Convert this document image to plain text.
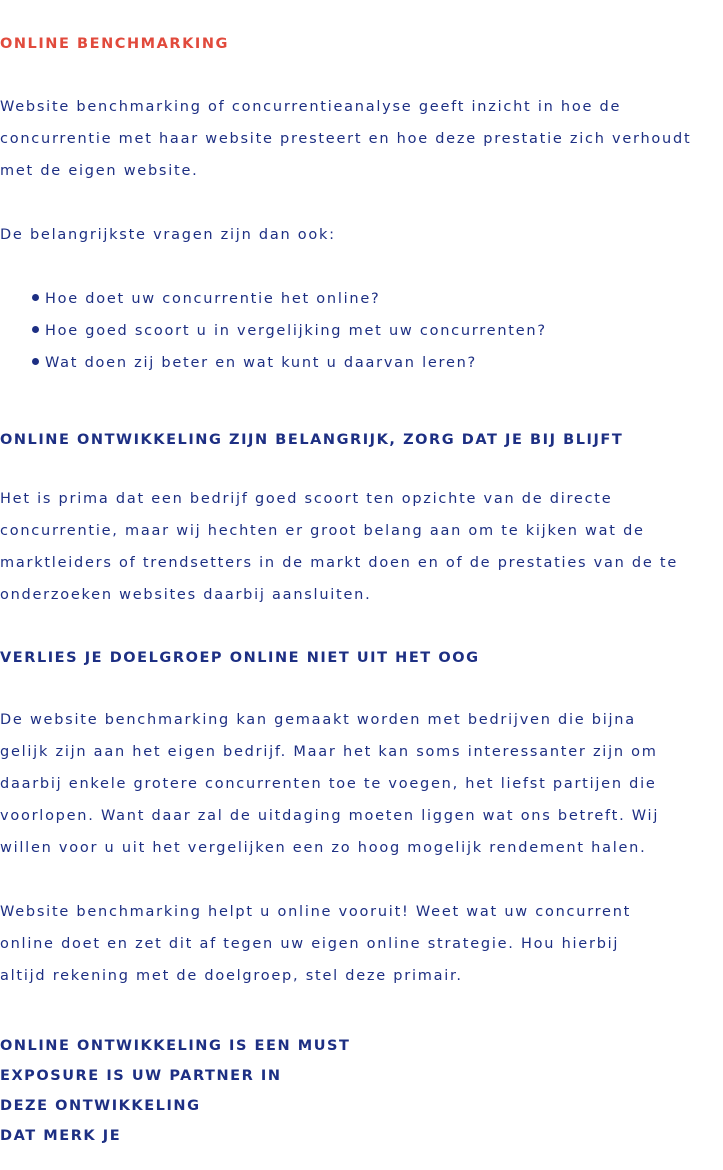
ONLINE BENCHMARKING

Website benchmarking of concurrentieanalyse geeft inzicht in hoe de
concurrentie met haar website presteert en hoe deze prestatie zich verhoudt
met de eigen website.

De belangrijkste vragen zijn dan ook:

Hoe doet uw concurrentie het online?
Hoe goed scoort u in vergelijking met uw concurrenten?
Wat doen zij beter en wat kunt u daarvan leren?
ONLINE ONTWIKKELING ZIJN BELANGRIJK, ZORG DAT JE BIJ BLIJFT

Het is prima dat een bedrijf goed scoort ten opzichte van de directe
concurrentie, maar wij hechten er groot belang aan om te kijken wat de
marktleiders of trendsetters in de markt doen en of de prestaties van de te
onderzoeken websites daarbij aansluiten.

VERLIES JE DOELGROEP ONLINE NIET UIT HET OOG

De website benchmarking kan gemaakt worden met bedrijven die bijna
gelijk zijn aan het eigen bedrijf. Maar het kan soms interessanter zijn om
daarbij enkele grotere concurrenten toe te voegen, het liefst partijen die
voorlopen. Want daar zal de uitdaging moeten liggen wat ons betreft. Wij
willen voor u uit het vergelijken een zo hoog mogelijk rendement halen.

Website benchmarking helpt u online vooruit! Weet wat uw concurrent
online doet en zet dit af tegen uw eigen online strategie. Hou hierbij
altijd rekening met de doelgroep, stel deze primair.

ONLINE ONTWIKKELING IS EEN MUST
EXPOSURE IS UW PARTNER IN
DEZE ONTWIKKELING
DAT MERK JE
